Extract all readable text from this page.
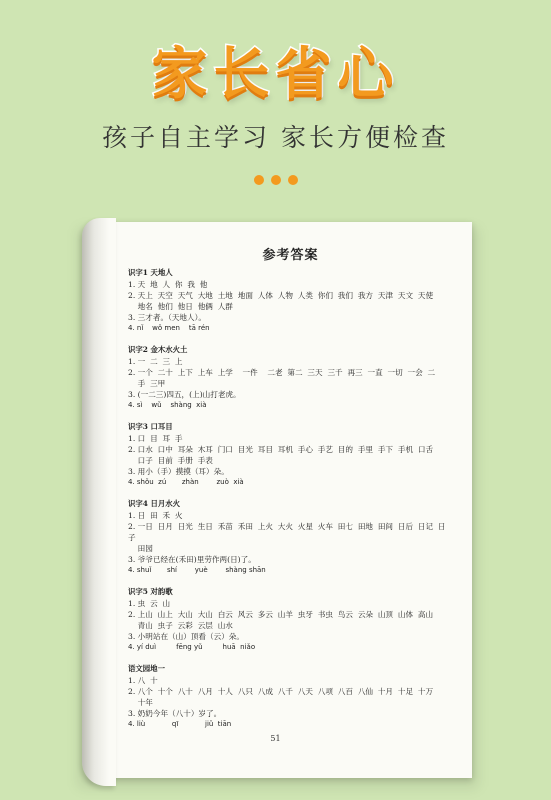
家长省心
孩子自主学习 家长方便检查
参考答案
识字1 天地人
1. 天  地  人  你  我  他
2. 天上  天空  天气  大地  土地  地面  人体  人物  人类  你们  我们  我方  天津  天文  天使
地名  他们  他日  他俩  人群
3. 三才者。（天地人）。
4. nǐ    wǒ men    tā rén
识字2 金木水火土
1. 一  二  三  上
2. 一个  二十  上下  上车  上学    一件    二老  第二  三天  三千  再三  一直  一切  一会  二
手  三甲
3. (一二三)四五，(上)山打老虎。
4. sì    wǔ    shàng  xià
识字3 口耳目
1. 口  目  耳  手
2. 口水  口中  耳朵  木耳  门口  目光  耳目  耳机  手心  手艺  目的  手里  手下  手机  口舌
口子  目前  手册  手表
3. 用小（手）摸摸（耳）朵。
4. shǒu  zú       zhàn        zuò  xià
识字4 日月水火
1. 日  田  禾  火
2. 一日  日月  日光  生日  禾苗  禾田  上火  大火  火星  火车  田七  田地  田间  日后  日记  日子
田园
3. 爷爷已经在(禾田)里劳作两(日)了。
4. shuǐ       shí        yuè        shàng shān
识字5 对韵歌
1. 虫  云  山
2. 上山  山上  大山  大山  白云  风云  多云  山羊  虫牙  书虫  鸟云  云朵  山顶  山体  高山
青山  虫子  云彩  云层  山水
3. 小明站在（山）顶看（云）朵。
4. yí duì         fēng yǔ         huā  niǎo
语文园地一
1. 八  十
2. 八个  十个  八十  八月  十人  八只  八成  八千  八天  八项  八百  八仙  十月  十足  十万
十年
3. 奶奶今年（八十）岁了。
4. liù            qī            jiǔ  tiān
51
